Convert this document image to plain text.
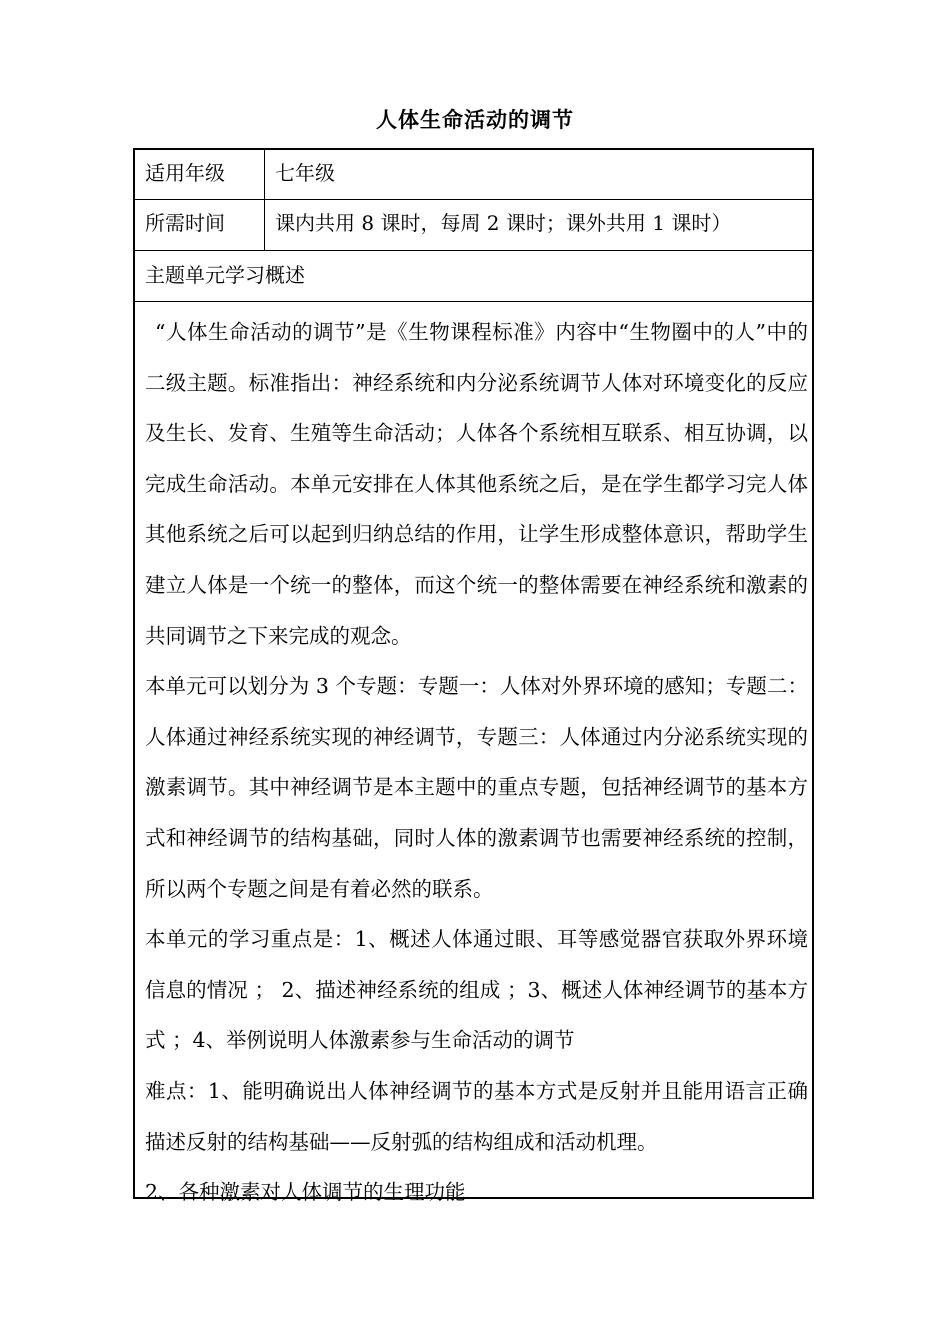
人体生命活动的调节
适用年级	七年级
所需时间	课内共用 8 课时，每周 2 课时；课外共用 1 课时）
主题单元学习概述

“人体生命活动的调节”是《生物课程标准》内容中“生物圈中的人”中的二级主题。标准指出：神经系统和内分泌系统调节人体对环境变化的反应及生长、发育、生殖等生命活动；人体各个系统相互联系、相互协调，以完成生命活动。本单元安排在人体其他系统之后，是在学生都学习完人体其他系统之后可以起到归纳总结的作用，让学生形成整体意识，帮助学生建立人体是一个统一的整体，而这个统一的整体需要在神经系统和激素的共同调节之下来完成的观念。

本单元可以划分为 3 个专题：专题一：人体对外界环境的感知；专题二：人体通过神经系统实现的神经调节，专题三：人体通过内分泌系统实现的激素调节。其中神经调节是本主题中的重点专题，包括神经调节的基本方式和神经调节的结构基础，同时人体的激素调节也需要神经系统的控制，所以两个专题之间是有着必然的联系。

本单元的学习重点是：1、概述人体通过眼、耳等感觉器官获取外界环境信息的情况 ； 2、描述神经系统的组成 ；3、概述人体神经调节的基本方式 ；4、举例说明人体激素参与生命活动的调节

难点：1、能明确说出人体神经调节的基本方式是反射并且能用语言正确描述反射的结构基础——反射弧的结构组成和活动机理。

2、各种激素对人体调节的生理功能
